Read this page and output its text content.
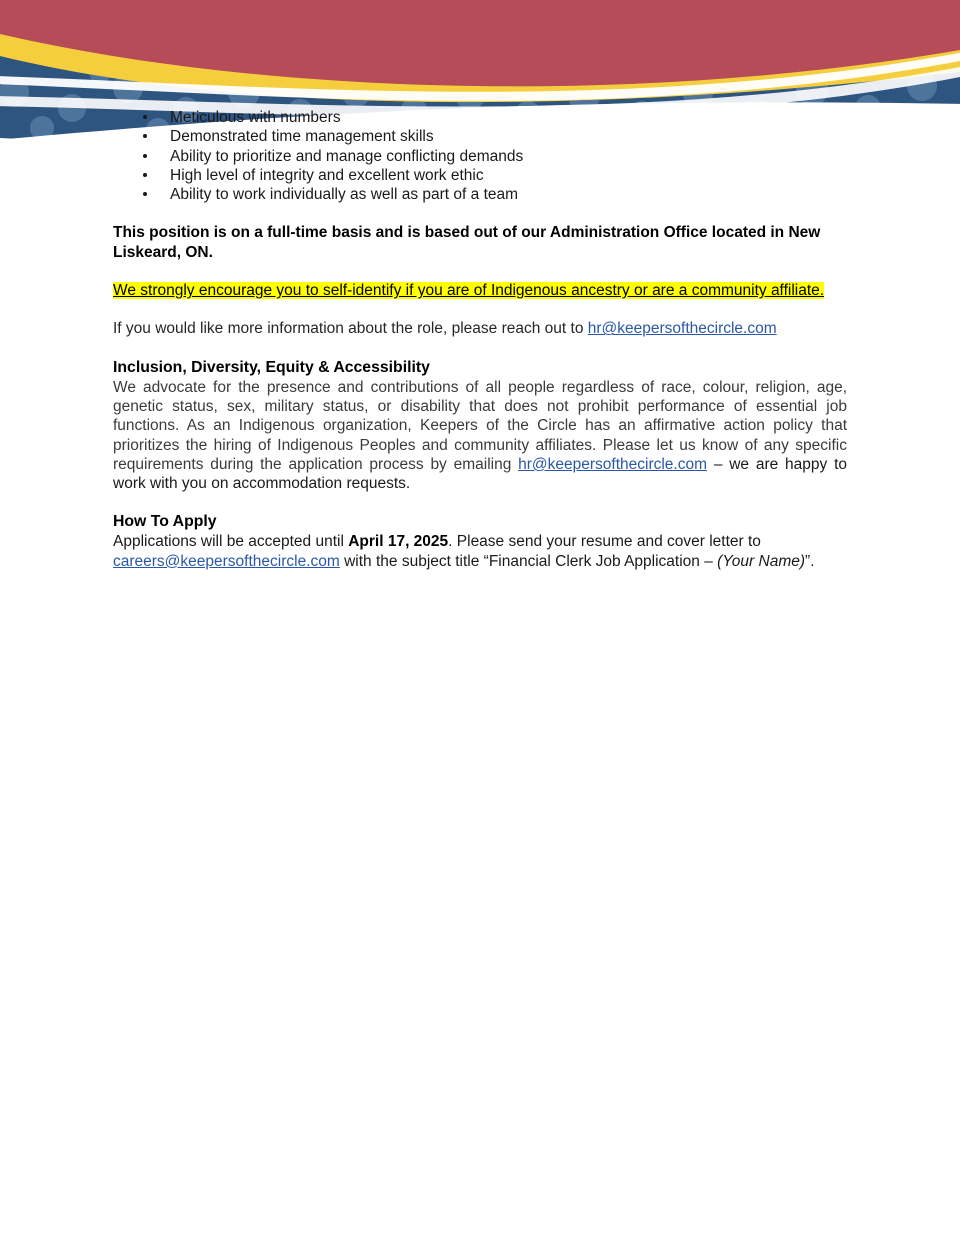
Meticulous with numbers
Demonstrated time management skills
Ability to prioritize and manage conflicting demands
High level of integrity and excellent work ethic
Ability to work individually as well as part of a team

This position is on a full-time basis and is based out of our Administration Office located in New Liskeard, ON.

We strongly encourage you to self-identify if you are of Indigenous ancestry or are a community affiliate.

If you would like more information about the role, please reach out to hr@keepersofthecircle.com

Inclusion, Diversity, Equity & Accessibility

We advocate for the presence and contributions of all people regardless of race, colour, religion, age, genetic status, sex, military status, or disability that does not prohibit performance of essential job functions. As an Indigenous organization, Keepers of the Circle has an affirmative action policy that prioritizes the hiring of Indigenous Peoples and community affiliates. Please let us know of any specific requirements during the application process by emailing hr@keepersofthecircle.com – we are happy to work with you on accommodation requests.

How To Apply

Applications will be accepted until April 17, 2025. Please send your resume and cover letter to careers@keepersofthecircle.com with the subject title “Financial Clerk Job Application – (Your Name)”.
